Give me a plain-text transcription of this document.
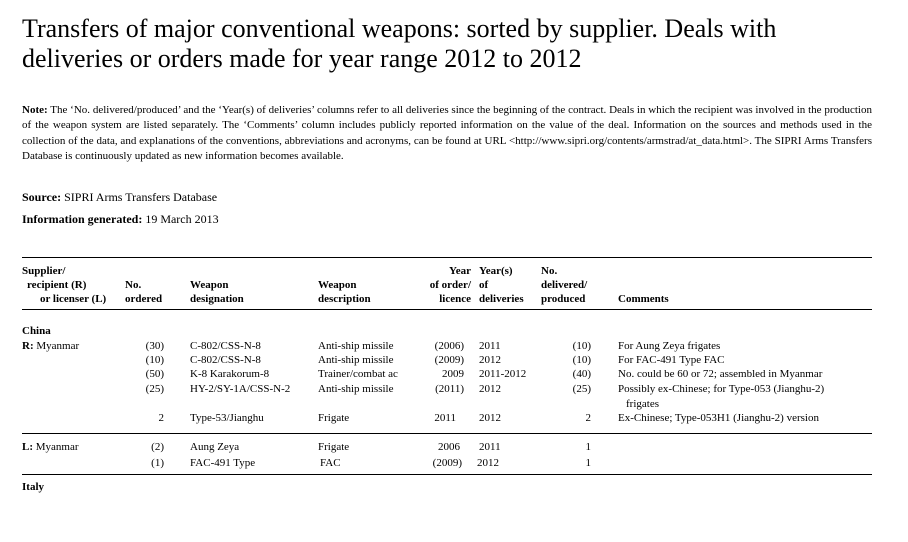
Transfers of major conventional weapons: sorted by supplier. Deals with deliveries or orders made for year range 2012 to 2012
Note: The ‘No. delivered/produced’ and the ‘Year(s) of deliveries’ columns refer to all deliveries since the beginning of the contract. Deals in which the recipient was involved in the production of the weapon system are listed separately. The ‘Comments’ column includes publicly reported information on the value of the deal. Information on the sources and methods used in the collection of the data, and explanations of the conventions, abbreviations and acronyms, can be found at URL <http://www.sipri.org/contents/armstrad/at_data.html>. The SIPRI Arms Transfers Database is continuously updated as new information becomes available.
Source: SIPRI Arms Transfers Database
Information generated: 19 March 2013
Supplier/
recipient (R)
or licenser (L)
No.
ordered
Weapon
designation
Weapon
description
Year
of order/
licence
Year(s)
of
deliveries
No.
delivered/
produced	Comments
China
R: Myanmar	(30) C-802/CSS-N-8	Anti-ship missile	(2006) 2011	(10) For Aung Zeya frigates
(10) C-802/CSS-N-8	Anti-ship missile	(2009) 2012	(10) For FAC-491 Type FAC
(50) K-8 Karakorum-8	Trainer/combat ac	2009 2011-2012	(40) No. could be 60 or 72; assembled in Myanmar
(25) HY-2/SY-1A/CSS-N-2	Anti-ship missile	(2011) 2012	(25) Possibly ex-Chinese; for Type-053 (Jianghu-2)
frigates
2 Type-53/Jianghu	Frigate	2011 2012	2 Ex-Chinese; Type-053H1 (Jianghu-2) version
L: Myanmar	(2) Aung Zeya	Frigate	2006 2011	1
(1) FAC-491 Type	FAC	(2009) 2012	1
Italy
